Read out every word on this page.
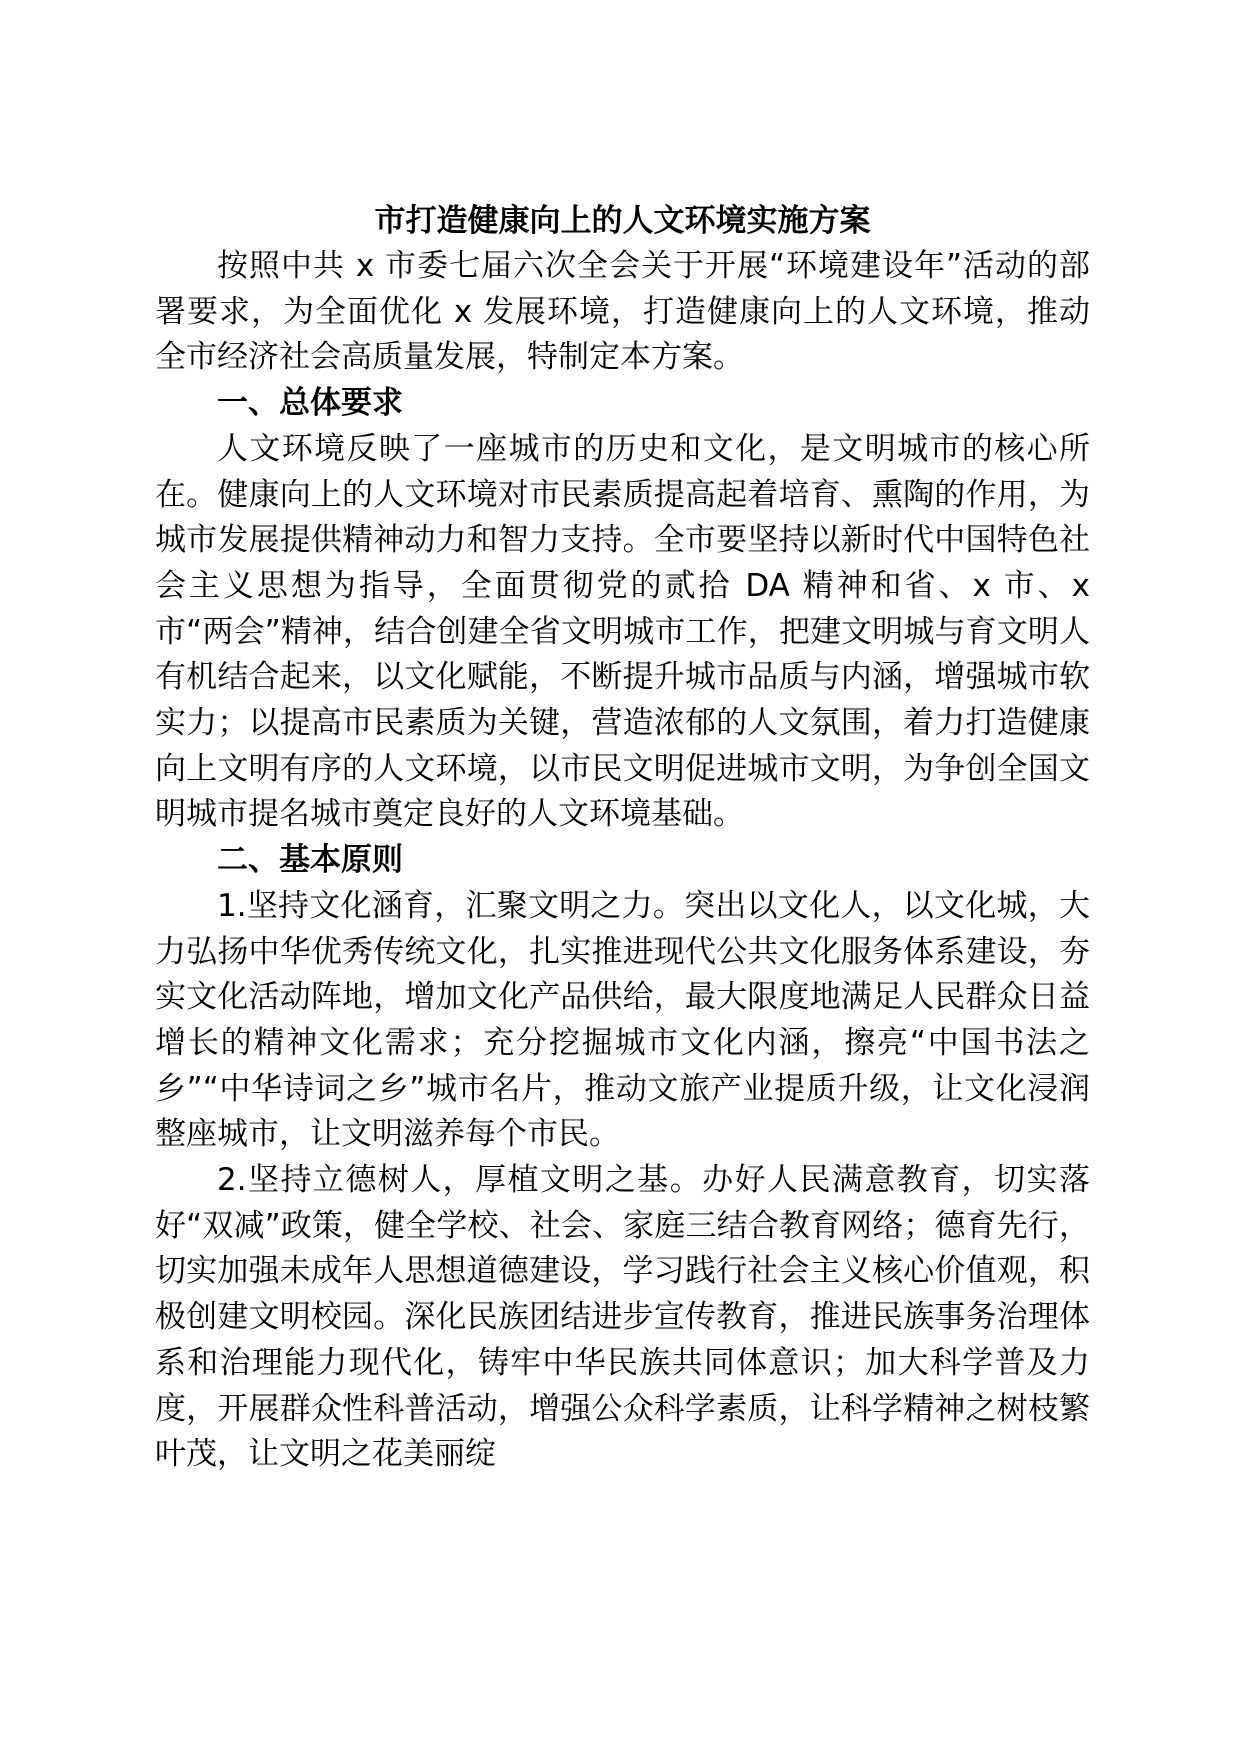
市打造健康向上的人文环境实施方案

按照中共 x 市委七届六次全会关于开展“环境建设年”活动的部署要求，为全面优化 x 发展环境，打造健康向上的人文环境，推动全市经济社会高质量发展，特制定本方案。

一、总体要求

人文环境反映了一座城市的历史和文化，是文明城市的核心所在。健康向上的人文环境对市民素质提高起着培育、熏陶的作用，为城市发展提供精神动力和智力支持。全市要坚持以新时代中国特色社会主义思想为指导，全面贯彻党的贰拾 DA 精神和省、x 市、x 市“两会”精神，结合创建全省文明城市工作，把建文明城与育文明人有机结合起来，以文化赋能，不断提升城市品质与内涵，增强城市软实力；以提高市民素质为关键，营造浓郁的人文氛围，着力打造健康向上文明有序的人文环境，以市民文明促进城市文明，为争创全国文明城市提名城市奠定良好的人文环境基础。

二、基本原则

1.坚持文化涵育，汇聚文明之力。突出以文化人，以文化城，大力弘扬中华优秀传统文化，扎实推进现代公共文化服务体系建设，夯实文化活动阵地，增加文化产品供给，最大限度地满足人民群众日益增长的精神文化需求；充分挖掘城市文化内涵，擦亮“中国书法之乡”“中华诗词之乡”城市名片，推动文旅产业提质升级，让文化浸润整座城市，让文明滋养每个市民。

2.坚持立德树人，厚植文明之基。办好人民满意教育，切实落好“双减”政策，健全学校、社会、家庭三结合教育网络；德育先行，切实加强未成年人思想道德建设，学习践行社会主义核心价值观，积极创建文明校园。深化民族团结进步宣传教育，推进民族事务治理体系和治理能力现代化，铸牢中华民族共同体意识；加大科学普及力度，开展群众性科普活动，增强公众科学素质，让科学精神之树枝繁叶茂，让文明之花美丽绽
